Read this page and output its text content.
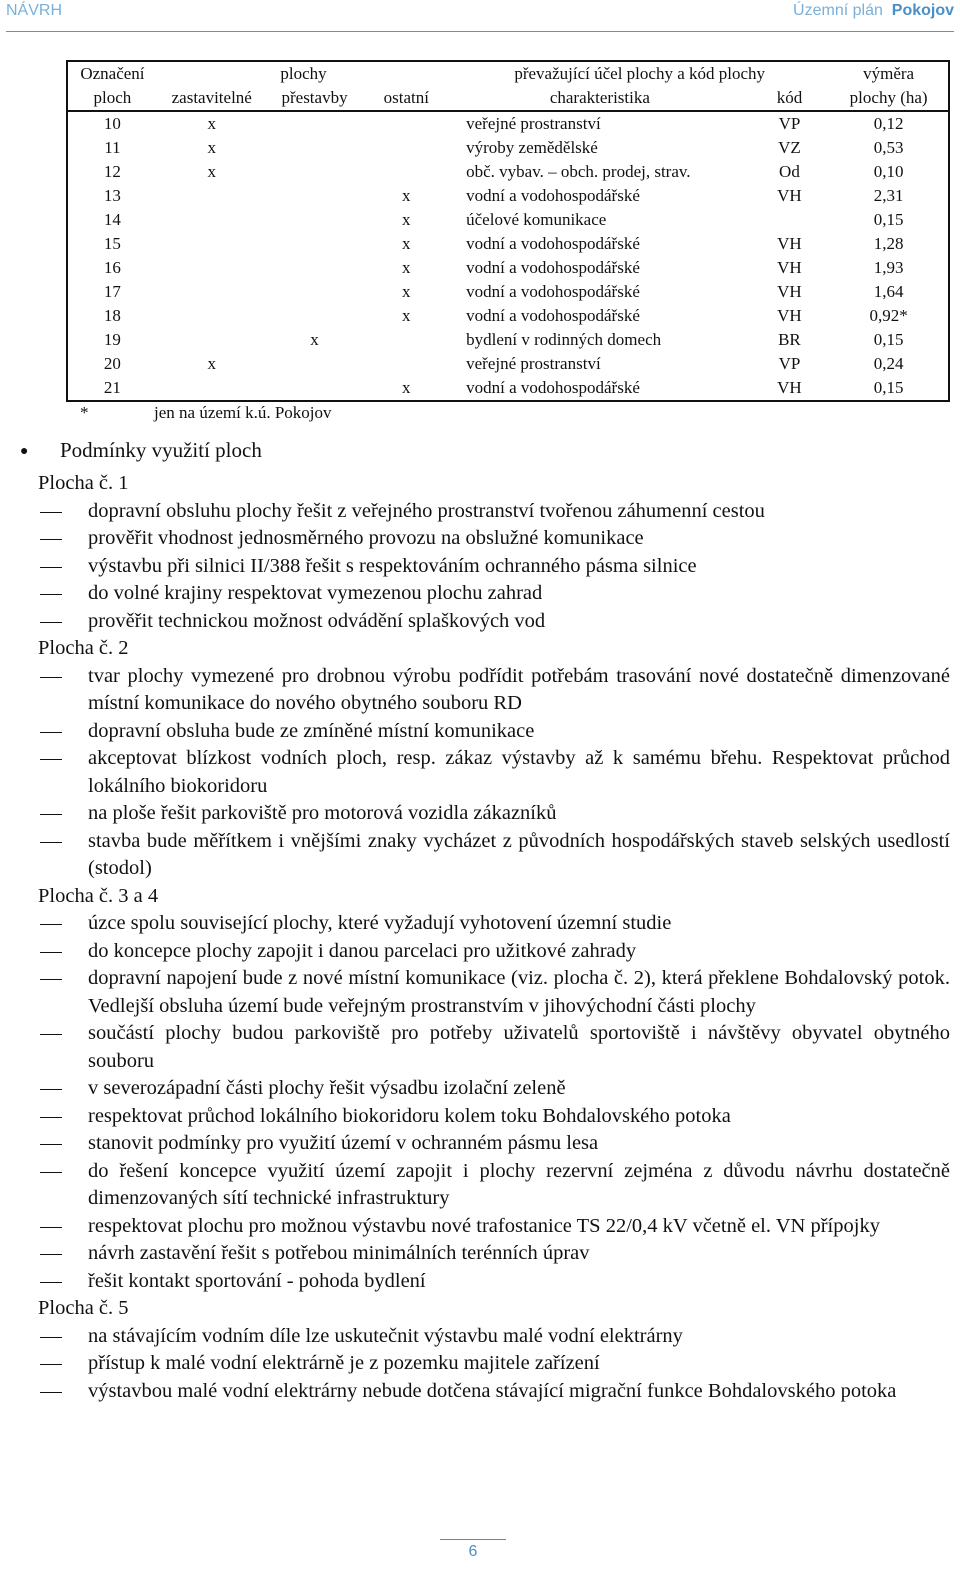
NÁVRH	Územní plán Pokojov
Označení	plochy			převažující účel plochy a kód plochy		výměra
ploch	zastavitelné	přestavby	ostatní	charakteristika	kód	plochy (ha)
10	x			veřejné prostranství	VP	0,12
11	x			výroby zemědělské	VZ	0,53
12	x			obč. vybav. – obch. prodej, strav.	Od	0,10
13			x	vodní a vodohospodářské	VH	2,31
14			x	účelové komunikace		0,15
15			x	vodní a vodohospodářské	VH	1,28
16			x	vodní a vodohospodářské	VH	1,93
17			x	vodní a vodohospodářské	VH	1,64
18			x	vodní a vodohospodářské	VH	0,92*
19		x		bydlení v rodinných domech	BR	0,15
20	x			veřejné prostranství	VP	0,24
21			x	vodní a vodohospodářské	VH	0,15
*	jen na území k.ú. Pokojov
● Podmínky využití ploch
Plocha č. 1
dopravní obsluhu plochy řešit z veřejného prostranství tvořenou záhumenní cestou
prověřit vhodnost jednosměrného provozu na obslužné komunikace
výstavbu při silnici II/388 řešit s respektováním ochranného pásma silnice
do volné krajiny respektovat vymezenou plochu zahrad
prověřit technickou možnost odvádění splaškových vod
Plocha č. 2
tvar plochy vymezené pro drobnou výrobu podřídit potřebám trasování nové dostatečně dimenzované místní komunikace do nového obytného souboru RD
dopravní obsluha bude ze zmíněné místní komunikace
akceptovat blízkost vodních ploch, resp. zákaz výstavby až k samému břehu. Respektovat průchod lokálního biokoridoru
na ploše řešit parkoviště pro motorová vozidla zákazníků
stavba bude měřítkem i vnějšími znaky vycházet z původních hospodářských staveb selských usedlostí (stodol)
Plocha č. 3 a 4
úzce spolu související plochy, které vyžadují vyhotovení územní studie
do koncepce plochy zapojit i danou parcelaci pro užitkové zahrady
dopravní napojení bude z nové místní komunikace (viz. plocha č. 2), která překlene Bohdalovský potok. Vedlejší obsluha území bude veřejným prostranstvím v jihovýchodní části plochy
součástí plochy budou parkoviště pro potřeby uživatelů sportoviště i návštěvy obyvatel obytného souboru
v severozápadní části plochy řešit výsadbu izolační zeleně
respektovat průchod lokálního biokoridoru kolem toku Bohdalovského potoka
stanovit podmínky pro využití území v ochranném pásmu lesa
do řešení koncepce využití území zapojit i plochy rezervní zejména z důvodu návrhu dostatečně dimenzovaných sítí technické infrastruktury
respektovat plochu pro možnou výstavbu nové trafostanice TS 22/0,4 kV včetně el. VN přípojky
návrh zastavění řešit s potřebou minimálních terénních úprav
řešit kontakt sportování - pohoda bydlení
Plocha č. 5
na stávajícím vodním díle lze uskutečnit výstavbu malé vodní elektrárny
přístup k malé vodní elektrárně je z pozemku majitele zařízení
výstavbou malé vodní elektrárny nebude dotčena stávající migrační funkce Bohdalovského potoka
6
